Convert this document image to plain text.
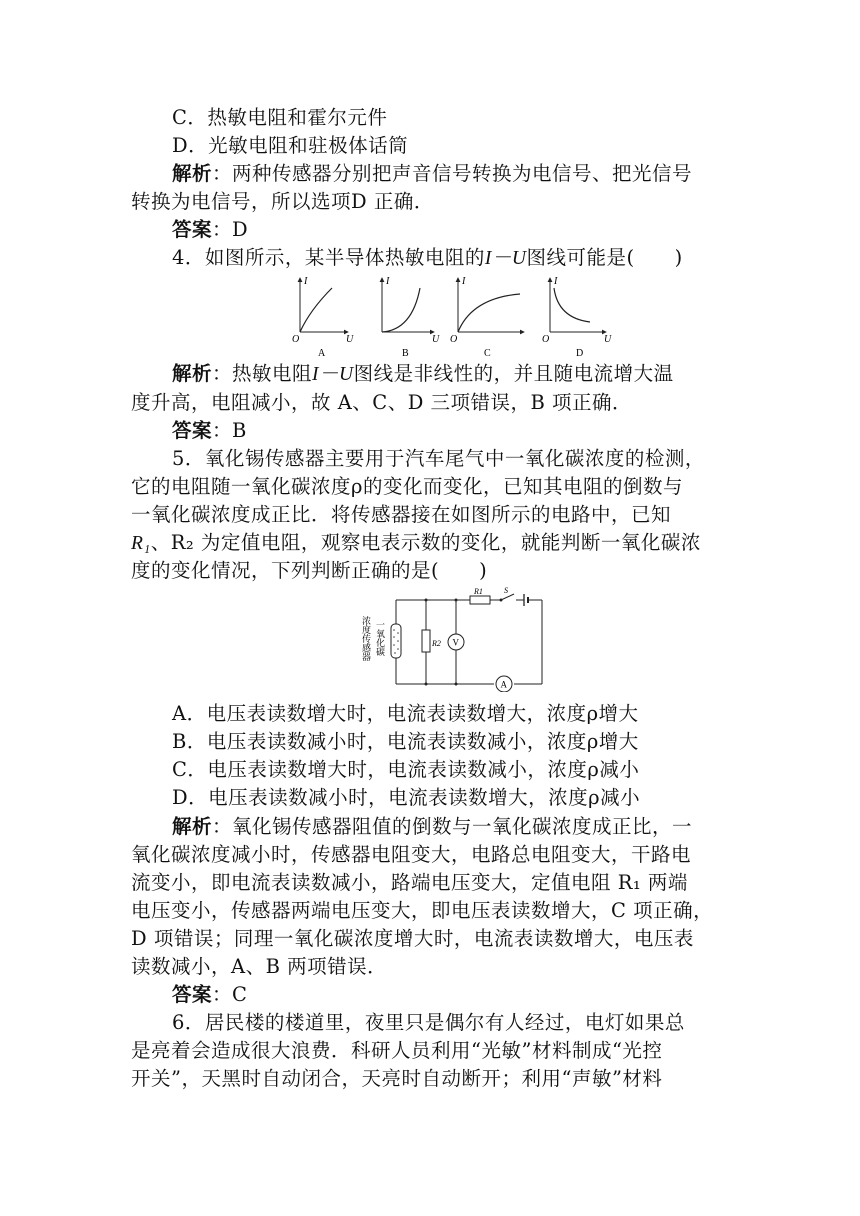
C．热敏电阻和霍尔元件
D．光敏电阻和驻极体话筒
解析：两种传感器分别把声音信号转换为电信号、把光信号
转换为电信号，所以选项D 正确．
答案：D
4．如图所示，某半导体热敏电阻的I－U图线可能是(　　)
I
U
O
A
I
U
B
I
O
C
I
U
O
D
解析：热敏电阻I－U图线是非线性的，并且随电流增大温
度升高，电阻减小，故 A、C、D 三项错误，B 项正确．
答案：B
5．氧化锡传感器主要用于汽车尾气中一氧化碳浓度的检测，
它的电阻随一氧化碳浓度ρ的变化而变化，已知其电阻的倒数与
一氧化碳浓度成正比．将传感器接在如图所示的电路中，已知
R₁、R₂ 为定值电阻，观察电表示数的变化，就能判断一氧化碳浓
度的变化情况，下列判断正确的是(　　)
R1	S
一氧化碳
浓度传感器	R2 V
A
A．电压表读数增大时，电流表读数增大，浓度ρ增大
B．电压表读数减小时，电流表读数减小，浓度ρ增大
C．电压表读数增大时，电流表读数减小，浓度ρ减小
D．电压表读数减小时，电流表读数增大，浓度ρ减小
解析：氧化锡传感器阻值的倒数与一氧化碳浓度成正比，一
氧化碳浓度减小时，传感器电阻变大，电路总电阻变大，干路电
流变小，即电流表读数减小，路端电压变大，定值电阻 R₁ 两端
电压变小，传感器两端电压变大，即电压表读数增大，C 项正确，
D 项错误；同理一氧化碳浓度增大时，电流表读数增大，电压表
读数减小，A、B 两项错误．
答案：C
6．居民楼的楼道里，夜里只是偶尔有人经过，电灯如果总
是亮着会造成很大浪费．科研人员利用“光敏”材料制成“光控
开关”，天黑时自动闭合，天亮时自动断开；利用“声敏”材料
